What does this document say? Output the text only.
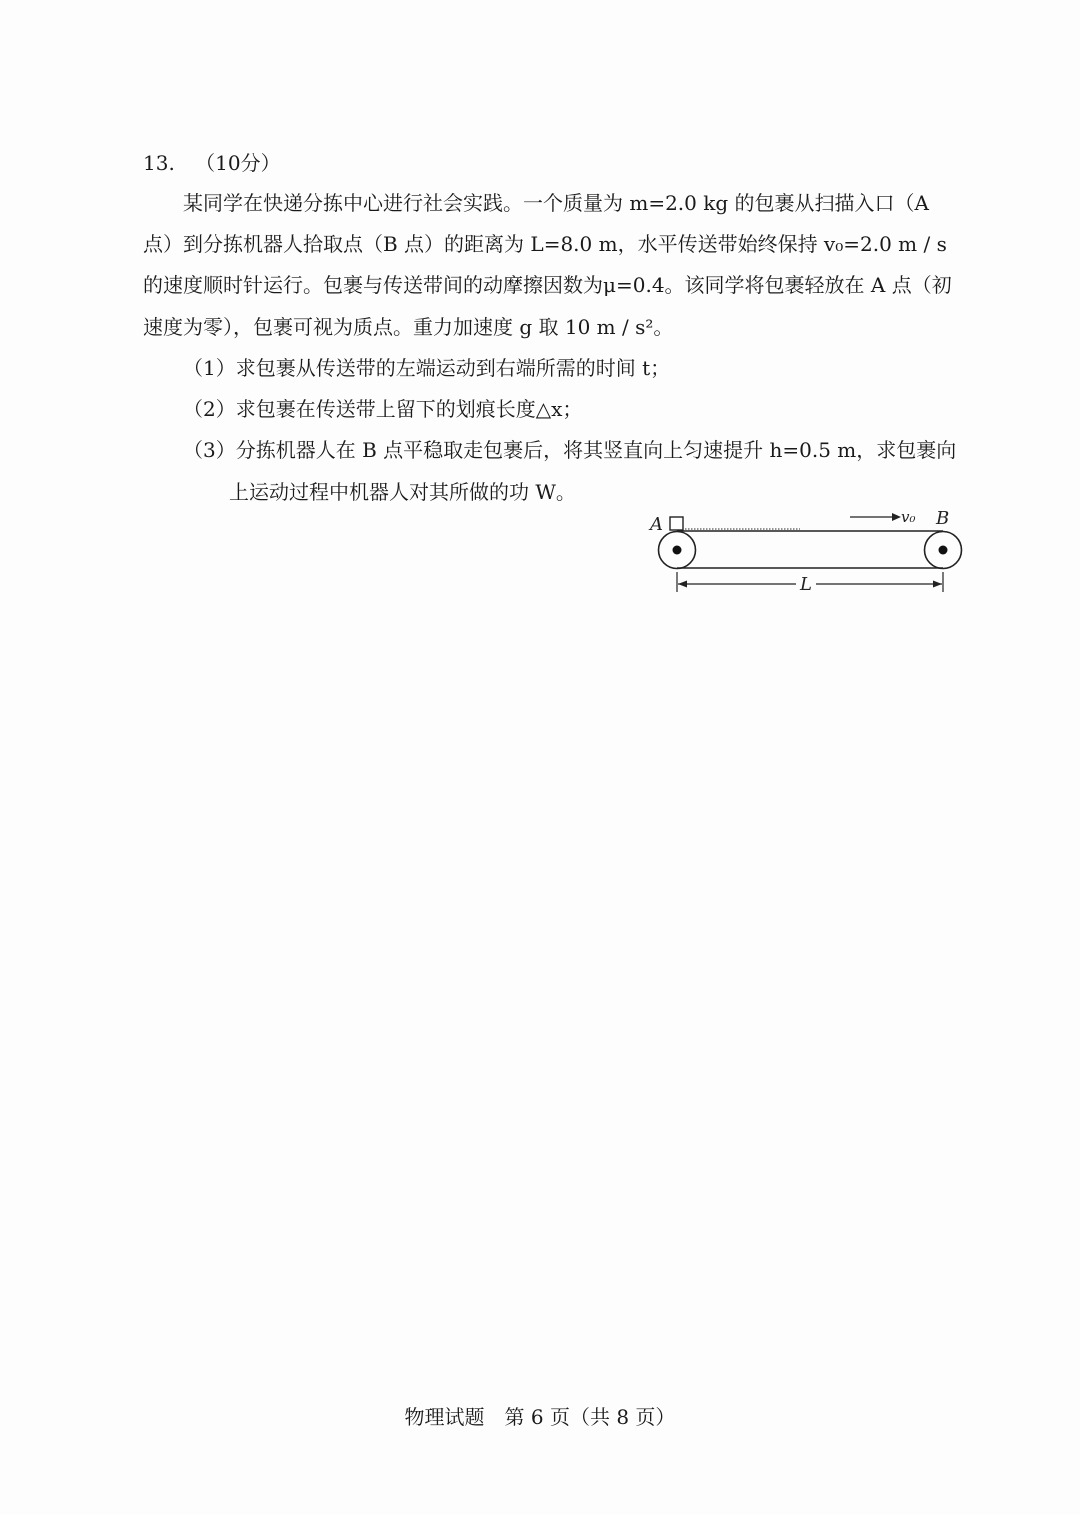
13. （10分）
某同学在快递分拣中心进行社会实践。一个质量为 m=2.0 kg 的包裹从扫描入口（A
点）到分拣机器人拾取点（B 点）的距离为 L=8.0 m，水平传送带始终保持 v₀=2.0 m / s
的速度顺时针运行。包裹与传送带间的动摩擦因数为μ=0.4。该同学将包裹轻放在 A 点（初
速度为零），包裹可视为质点。重力加速度 g 取 10 m / s²。
（1）求包裹从传送带的左端运动到右端所需的时间 t；
（2）求包裹在传送带上留下的划痕长度△x；
（3）分拣机器人在 B 点平稳取走包裹后，将其竖直向上匀速提升 h=0.5 m，求包裹向
上运动过程中机器人对其所做的功 W。
A	B
v₀
L
物理试题　第 6 页（共 8 页）
